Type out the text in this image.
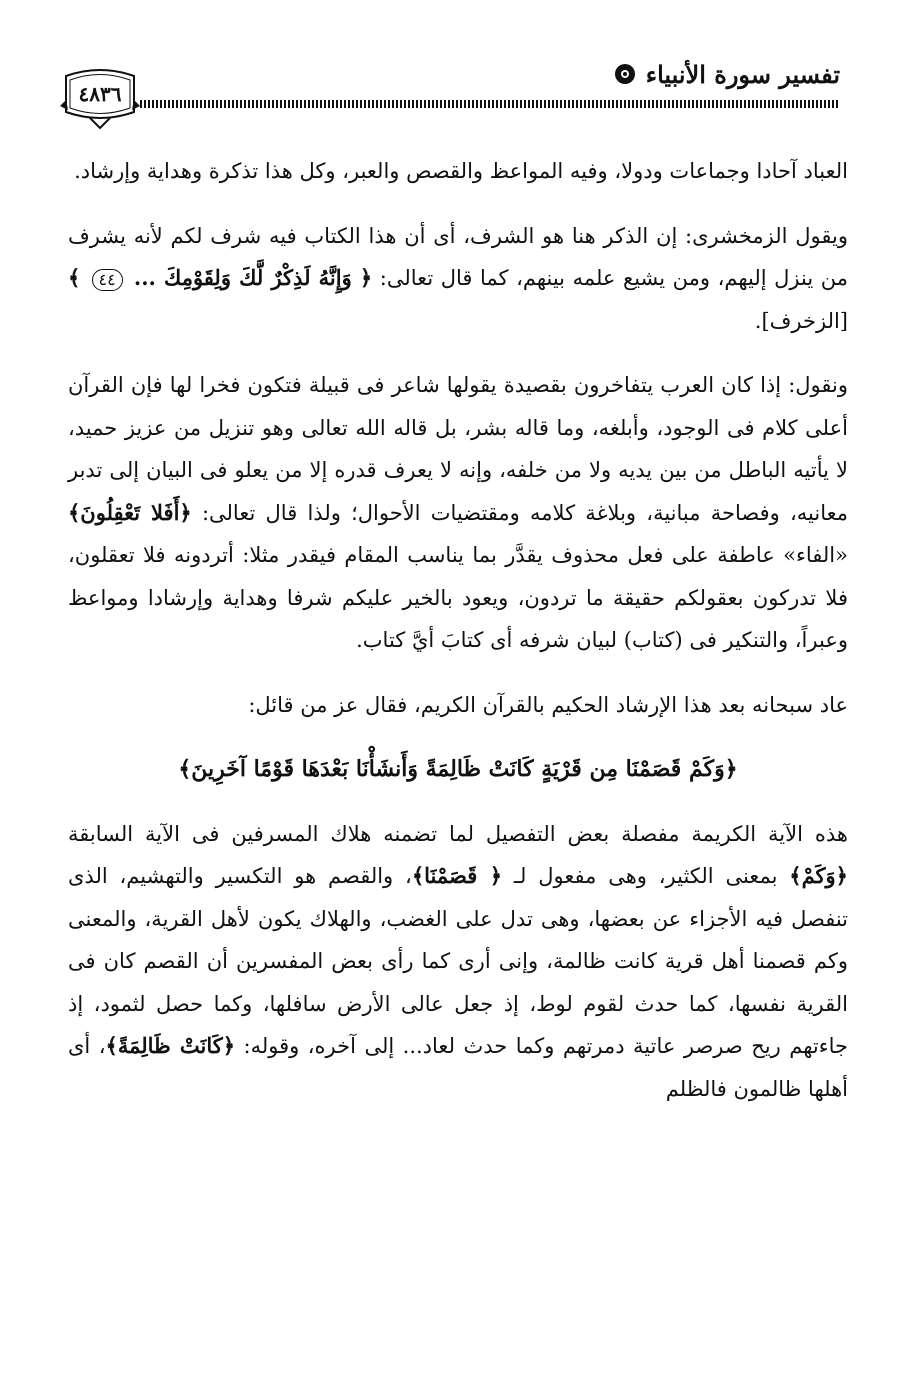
٤٨٣٦
تفسير سورة الأنبياء
العباد آحادا وجماعات ودولا، وفيه المواعظ والقصص والعبر، وكل هذا تذكرة وهداية وإرشاد.
ويقول الزمخشرى: إن الذكر هنا هو الشرف، أى أن هذا الكتاب فيه شرف لكم لأنه يشرف من ينزل إليهم، ومن يشيع علمه بينهم، كما قال تعالى: ﴿ وَإِنَّهُ لَذِكْرٌ لَّكَ وَلِقَوْمِكَ ... ٤٤ ﴾ [الزخرف].
ونقول: إذا كان العرب يتفاخرون بقصيدة يقولها شاعر فى قبيلة فتكون فخرا لها فإن القرآن أعلى كلام فى الوجود، وأبلغه، وما قاله بشر، بل قاله الله تعالى وهو تنزيل من عزيز حميد، لا يأتيه الباطل من بين يديه ولا من خلفه، وإنه لا يعرف قدره إلا من يعلو فى البيان إلى تدبر معانيه، وفصاحة مبانية، وبلاغة كلامه ومقتضيات الأحوال؛ ولذا قال تعالى: ﴿أَفَلا تَعْقِلُونَ﴾ «الفاء» عاطفة على فعل محذوف يقدَّر بما يناسب المقام فيقدر مثلا: أتردونه فلا تعقلون، فلا تدركون بعقولكم حقيقة ما تردون، ويعود بالخير عليكم شرفا وهداية وإرشادا ومواعظ وعبراً، والتنكير فى (كتاب) لبيان شرفه أى كتابَ أيَّ كتاب.
عاد سبحانه بعد هذا الإرشاد الحكيم بالقرآن الكريم، فقال عز من قائل:
﴿وَكَمْ قَصَمْنَا مِن قَرْيَةٍ كَانَتْ ظَالِمَةً وَأَنشَأْنَا بَعْدَهَا قَوْمًا آخَرِينَ﴾
هذه الآية الكريمة مفصلة بعض التفصيل لما تضمنه هلاك المسرفين فى الآية السابقة ﴿وَكَمْ﴾ بمعنى الكثير، وهى مفعول لـ ﴿ قَصَمْنَا﴾، والقصم هو التكسير والتهشيم، الذى تنفصل فيه الأجزاء عن بعضها، وهى تدل على الغضب، والهلاك يكون لأهل القرية، والمعنى وكم قصمنا أهل قرية كانت ظالمة، وإنى أرى كما رأى بعض المفسرين أن القصم كان فى القرية نفسها، كما حدث لقوم لوط، إذ جعل عالى الأرض سافلها، وكما حصل لثمود، إذ جاءتهم ريح صرصر عاتية دمرتهم وكما حدث لعاد... إلى آخره، وقوله: ﴿كَانَتْ ظَالِمَةً﴾، أى أهلها ظالمون فالظلم
